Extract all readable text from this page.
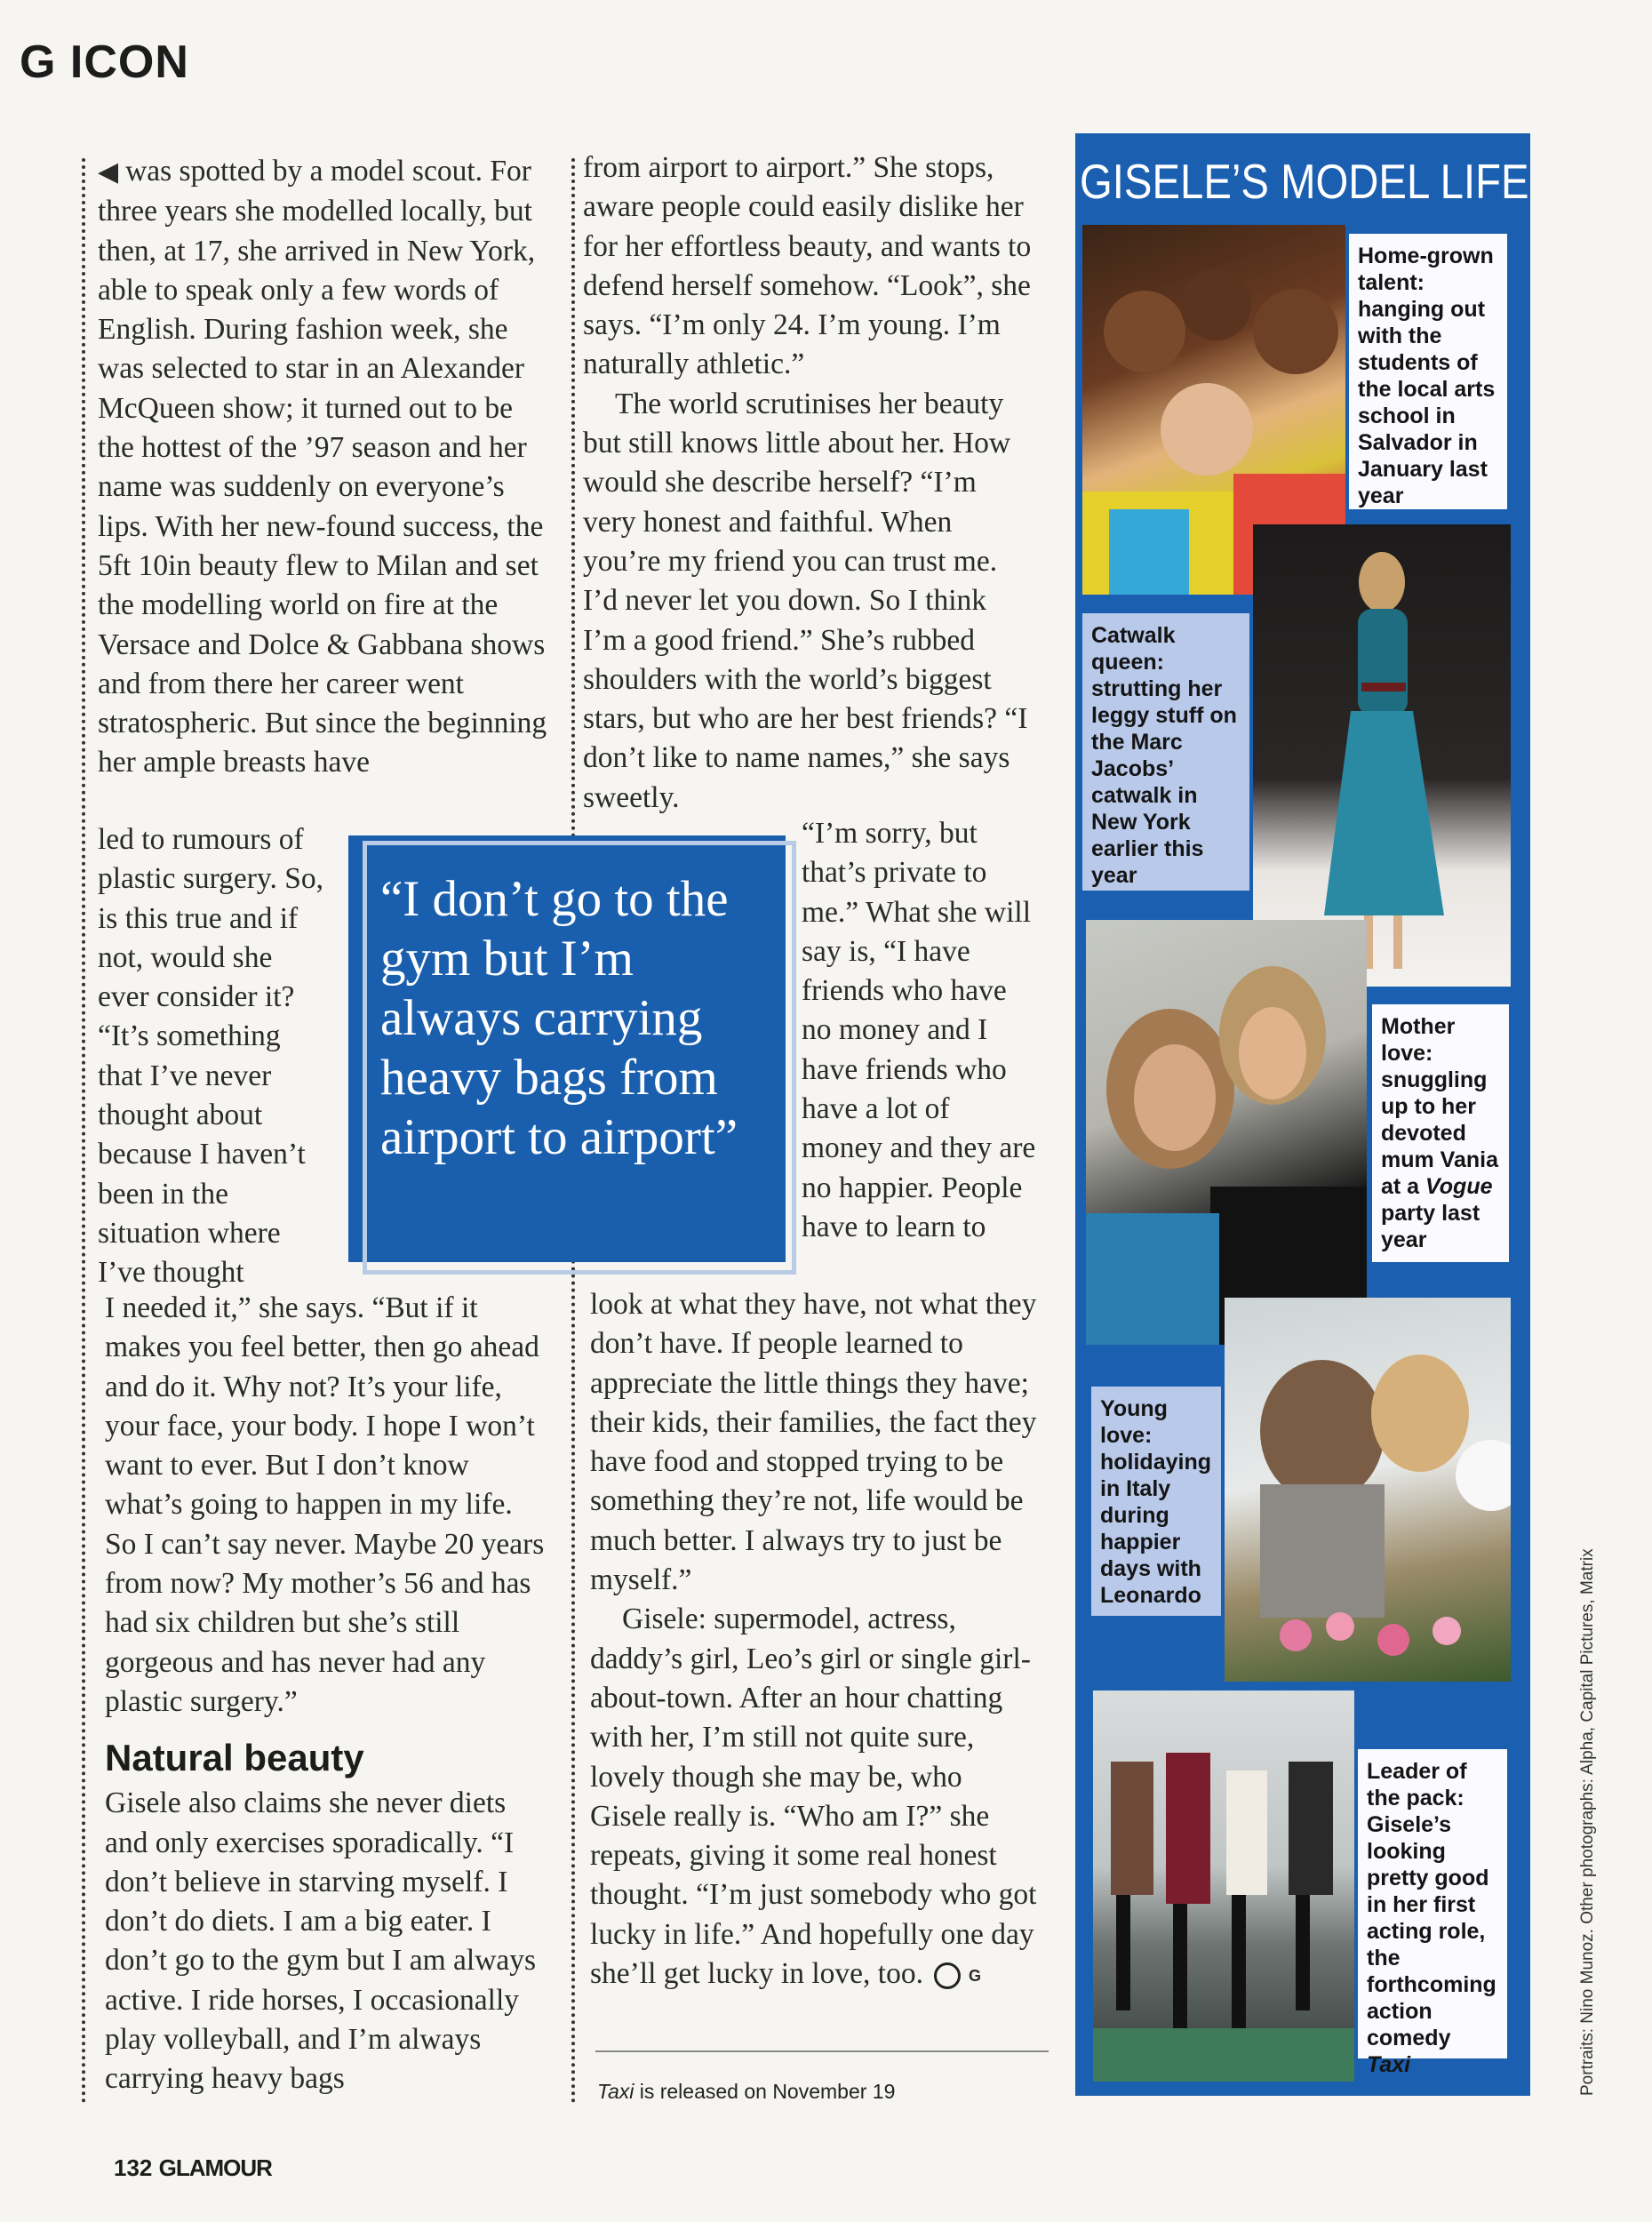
G ICON

◀ was spotted by a model scout. For three years she modelled locally, but then, at 17, she arrived in New York, able to speak only a few words of English. During fashion week, she was selected to star in an Alexander McQueen show; it turned out to be the hottest of the ’97 season and her name was suddenly on everyone’s lips. With her new-found success, the 5ft 10in beauty flew to Milan and set the modelling world on fire at the Versace and Dolce & Gabbana shows and from there her career went stratospheric. But since the beginning her ample breasts have

led to rumours of plastic surgery. So, is this true and if not, would she ever consider it? “It’s something that I’ve never thought about because I haven’t been in the situation where I’ve thought

I needed it,” she says. “But if it makes you feel better, then go ahead and do it. Why not? It’s your life, your face, your body. I hope I won’t want to ever. But I don’t know what’s going to happen in my life. So I can’t say never. Maybe 20 years from now? My mother’s 56 and has had six children but she’s still gorgeous and has never had any plastic surgery.”

Natural beauty

Gisele also claims she never diets and only exercises sporadically. “I don’t believe in starving myself. I don’t do diets. I am a big eater. I don’t go to the gym but I am always active. I ride horses, I occasionally play volleyball, and I’m always carrying heavy bags

from airport to airport.” She stops, aware people could easily dislike her for her effortless beauty, and wants to defend herself somehow. “Look”, she says. “I’m only 24. I’m young. I’m naturally athletic.”

The world scrutinises her beauty but still knows little about her. How would she describe herself? “I’m very honest and faithful. When you’re my friend you can trust me. I’d never let you down. So I think I’m a good friend.” She’s rubbed shoulders with the world’s biggest stars, but who are her best friends? “I don’t like to name names,” she says sweetly.

“I’m sorry, but that’s private to me.” What she will say is, “I have friends who have no money and I have friends who have a lot of money and they are no happier. People have to learn to

look at what they have, not what they don’t have. If people learned to appreciate the little things they have; their kids, their families, the fact they have food and stopped trying to be something they’re not, life would be much better. I always try to just be myself.”

Gisele: supermodel, actress, daddy’s girl, Leo’s girl or single girl-about-town. After an hour chatting with her, I’m still not quite sure, lovely though she may be, who Gisele really is. “Who am I?” she repeats, giving it some real honest thought. “I’m just somebody who got lucky in life.” And hopefully one day she’ll get lucky in love, too.	G

Taxi is released on November 19
“I don’t go to the gym but I’m always carrying heavy bags from airport to airport”
GISELE’S MODEL LIFE
Home-grown talent: hanging out with the students of the local arts school in Salvador in January last year
Catwalk queen: strutting her leggy stuff on the Marc Jacobs’ catwalk in New York earlier this year
Mother love: snuggling up to her devoted mum Vania at a Vogue party last year
Young love: holidaying in Italy during happier days with Leonardo
Leader of the pack: Gisele’s looking pretty good in her first acting role, the forthcoming action comedy Taxi	Portraits: Nino Munoz. Other photographs: Alpha, Capital Pictures, Matrix
132 GLAMOUR
